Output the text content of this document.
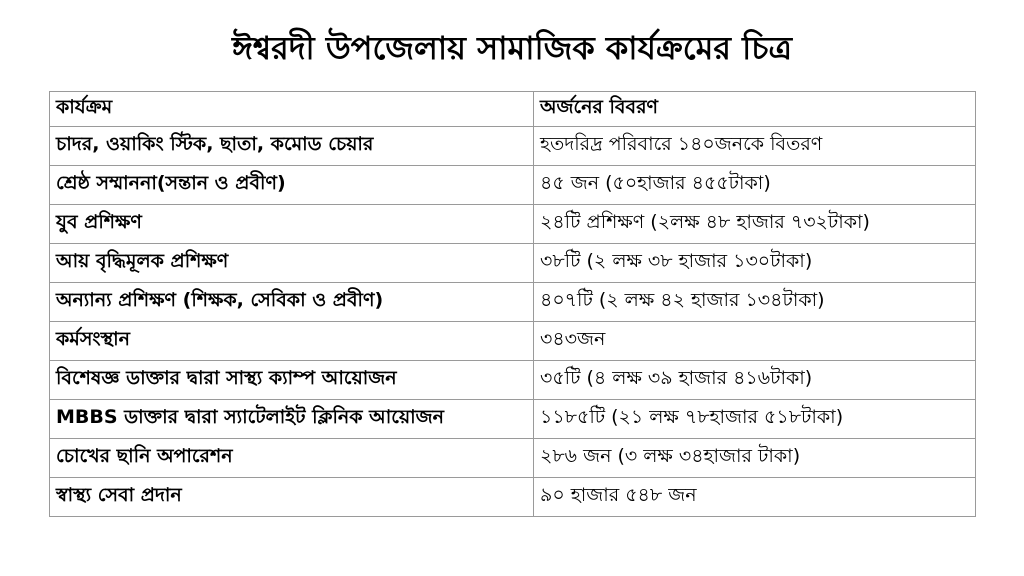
ঈশ্বরদী উপজেলায় সামাজিক কার্যক্রমের চিত্র
কার্যক্রম	অর্জনের বিবরণ
চাদর, ওয়াকিং স্টিক, ছাতা, কমোড চেয়ার	হতদরিদ্র পরিবারে ১৪০জনকে বিতরণ
শ্রেষ্ঠ সম্মাননা(সন্তান ও প্রবীণ)	৪৫ জন (৫০হাজার ৪৫৫টাকা)
যুব প্রশিক্ষণ	২৪টি প্রশিক্ষণ (২লক্ষ ৪৮ হাজার ৭৩২টাকা)
আয় বৃদ্ধিমূলক প্রশিক্ষণ	৩৮টি (২ লক্ষ ৩৮ হাজার ১৩০টাকা)
অন্যান্য প্রশিক্ষণ (শিক্ষক, সেবিকা ও প্রবীণ)	৪০৭টি (২ লক্ষ ৪২ হাজার ১৩৪টাকা)
কর্মসংস্থান	৩৪৩জন
বিশেষজ্ঞ ডাক্তার দ্বারা সাস্থ্য ক্যাম্প আয়োজন	৩৫টি (৪ লক্ষ ৩৯ হাজার ৪১৬টাকা)
MBBS ডাক্তার দ্বারা স্যাটেলাইট ক্লিনিক আয়োজন	১১৮৫টি (২১ লক্ষ ৭৮হাজার ৫১৮টাকা)
চোখের ছানি অপারেশন	২৮৬ জন (৩ লক্ষ ৩৪হাজার টাকা)
স্বাস্থ্য সেবা প্রদান	৯০ হাজার ৫৪৮ জন
